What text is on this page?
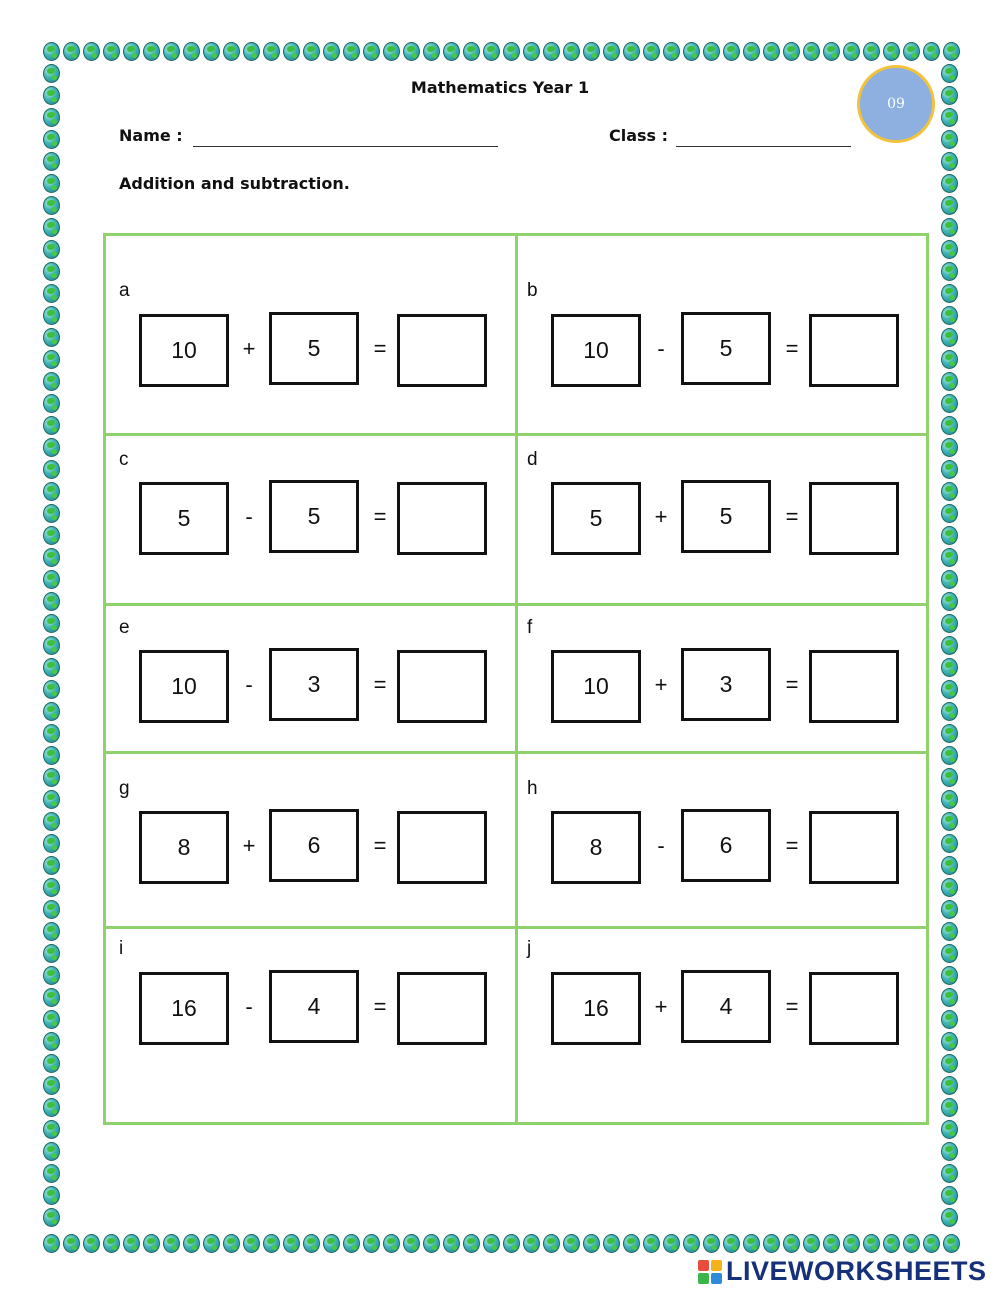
Mathematics Year 1
09
Name :	Class :
Addition and subtraction.
a
10	+	5	=
b
10	-	5	=
c
5	-	5	=
d
5	+	5	=
e
10	-	3	=
f
10	+	3	=
g
8	+	6	=
h
8	-	6	=
i
16	-	4	=
j
16	+	4	=
LIVEWORKSHEETS
